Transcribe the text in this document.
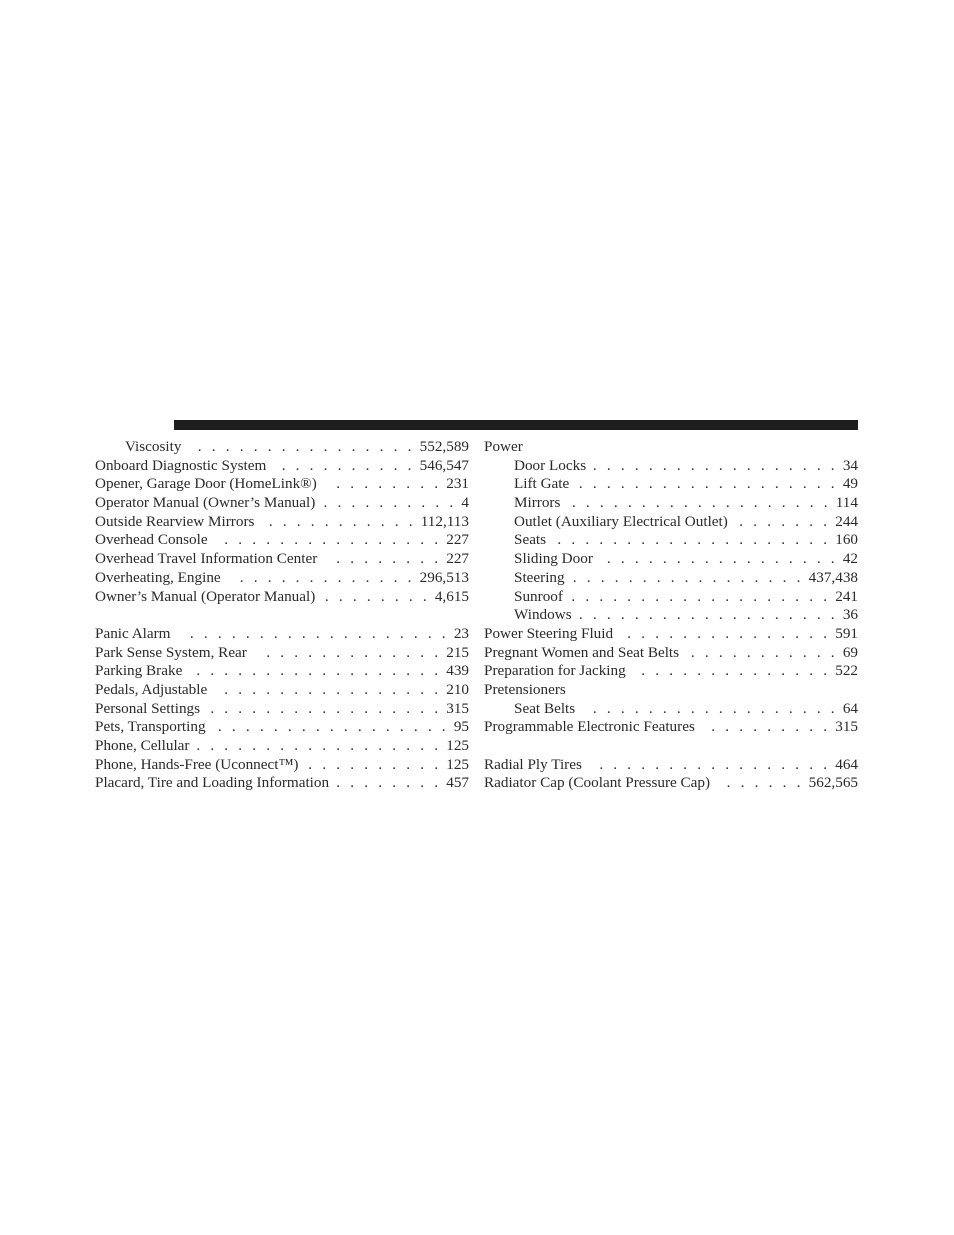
Viscosity . . .	552,589
Onboard Diagnostic System . . .	546,547
Opener, Garage Door (HomeLink®) . . .	231
Operator Manual (Owner’s Manual) . . .	4
Outside Rearview Mirrors . . .	112,113
Overhead Console . . .	227
Overhead Travel Information Center . . .	227
Overheating, Engine . . .	296,513
Owner’s Manual (Operator Manual) . . .	4,615
Panic Alarm . . .	23
Park Sense System, Rear . . .	215
Parking Brake . . .	439
Pedals, Adjustable . . .	210
Personal Settings . . .	315
Pets, Transporting . . .	95
Phone, Cellular . . .	125
Phone, Hands-Free (Uconnect™) . . .	125
Placard, Tire and Loading Information . . .	457
Power
Door Locks . . .	34
Lift Gate . . .	49
Mirrors . . .	114
Outlet (Auxiliary Electrical Outlet) . . .	244
Seats . . .	160
Sliding Door . . .	42
Steering . . .	437,438
Sunroof . . .	241
Windows . . .	36
Power Steering Fluid . . .	591
Pregnant Women and Seat Belts . . .	69
Preparation for Jacking . . .	522
Pretensioners
Seat Belts . . .	64
Programmable Electronic Features . . .	315
Radial Ply Tires . . .	464
Radiator Cap (Coolant Pressure Cap) . . .	562,565
